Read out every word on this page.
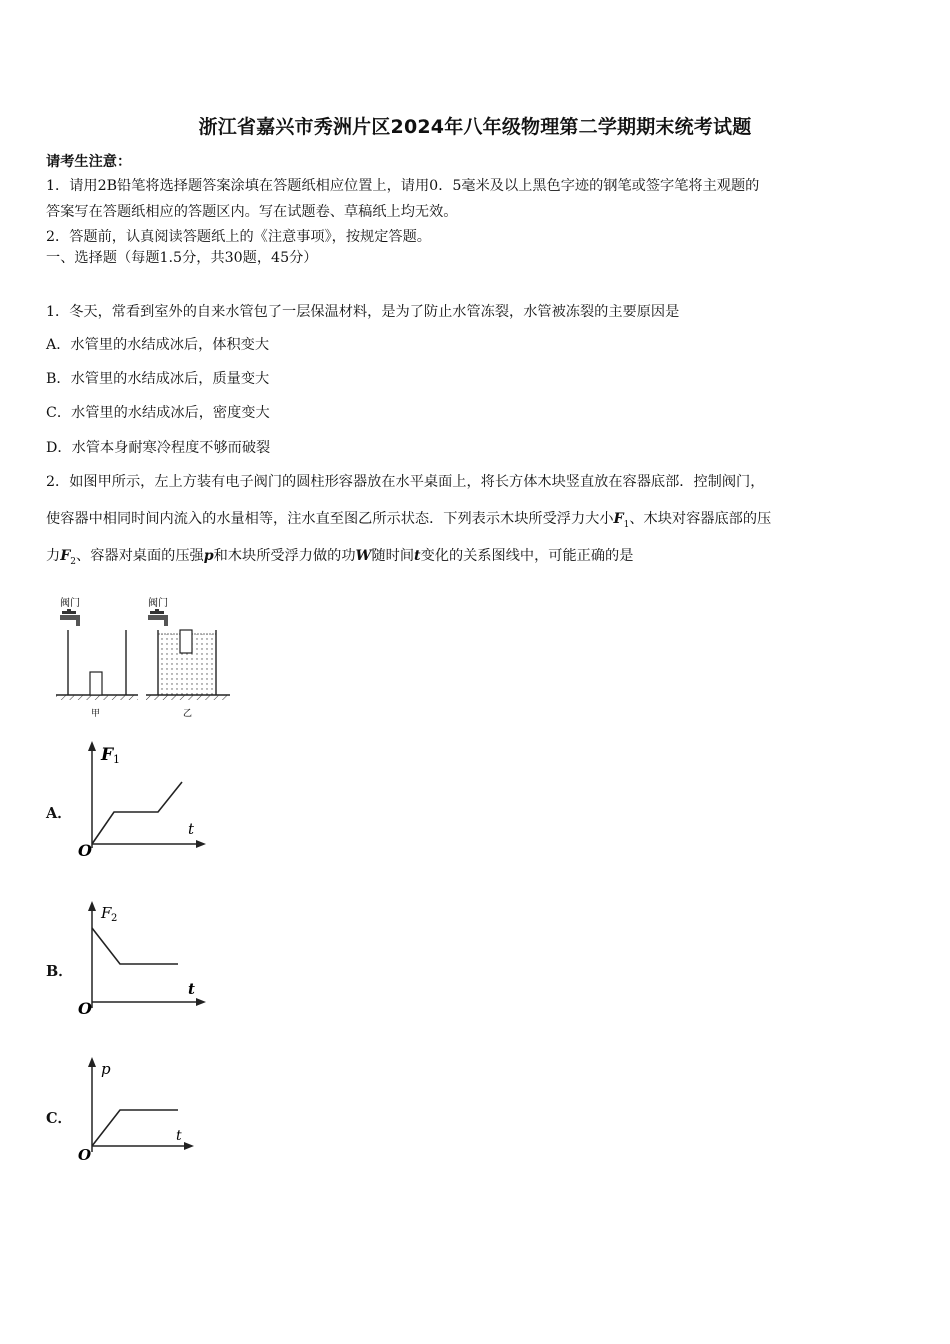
浙江省嘉兴市秀洲片区2024年八年级物理第二学期期末统考试题
请考生注意：
1．请用2B铅笔将选择题答案涂填在答题纸相应位置上，请用0．5毫米及以上黑色字迹的钢笔或签字笔将主观题的
答案写在答题纸相应的答题区内。写在试题卷、草稿纸上均无效。
2．答题前，认真阅读答题纸上的《注意事项》，按规定答题。
一、选择题（每题1.5分，共30题，45分）
1．冬天，常看到室外的自来水管包了一层保温材料，是为了防止水管冻裂，水管被冻裂的主要原因是
A．水管里的水结成冰后，体积变大
B．水管里的水结成冰后，质量变大
C．水管里的水结成冰后，密度变大
D．水管本身耐寒冷程度不够而破裂
2．如图甲所示，左上方装有电子阀门的圆柱形容器放在水平桌面上，将长方体木块竖直放在容器底部．控制阀门，
使容器中相同时间内流入的水量相等，注水直至图乙所示状态．下列表示木块所受浮力大小$F_1$、木块对容器底部的压
力$F_2$、容器对桌面的压强p和木块所受浮力做的功W随时间t变化的关系图线中，可能正确的是
阀门
甲
阀门
乙
A．
F 1
t
O
B．
F 2
t
O
C．
p
t
O
